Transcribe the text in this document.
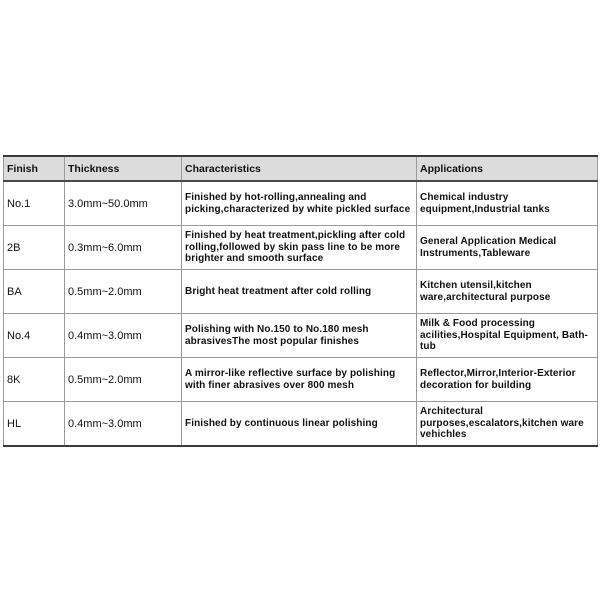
Finish	Thickness	Characteristics	Applications
No.1	3.0mm~50.0mm	Finished by hot-rolling,annealing and picking,characterized by white pickled surface	Chemical industry equipment,Industrial tanks
2B	0.3mm~6.0mm	Finished by heat treatment,pickling after cold rolling,followed by skin pass line to be more brighter and smooth surface	General Application Medical Instruments,Tableware
BA	0.5mm~2.0mm	Bright heat treatment after cold rolling	Kitchen utensil,kitchen ware,architectural purpose
No.4	0.4mm~3.0mm	Polishing with No.150 to No.180 mesh abrasivesThe most popular finishes	Milk & Food processing acilities,Hospital Equipment, Bath-tub
8K	0.5mm~2.0mm	A mirror-like reflective surface by polishing with finer abrasives over 800 mesh	Reflector,Mirror,Interior-Exterior decoration for building
HL	0.4mm~3.0mm	Finished by continuous linear polishing	Architectural purposes,escalators,kitchen ware vehichles
